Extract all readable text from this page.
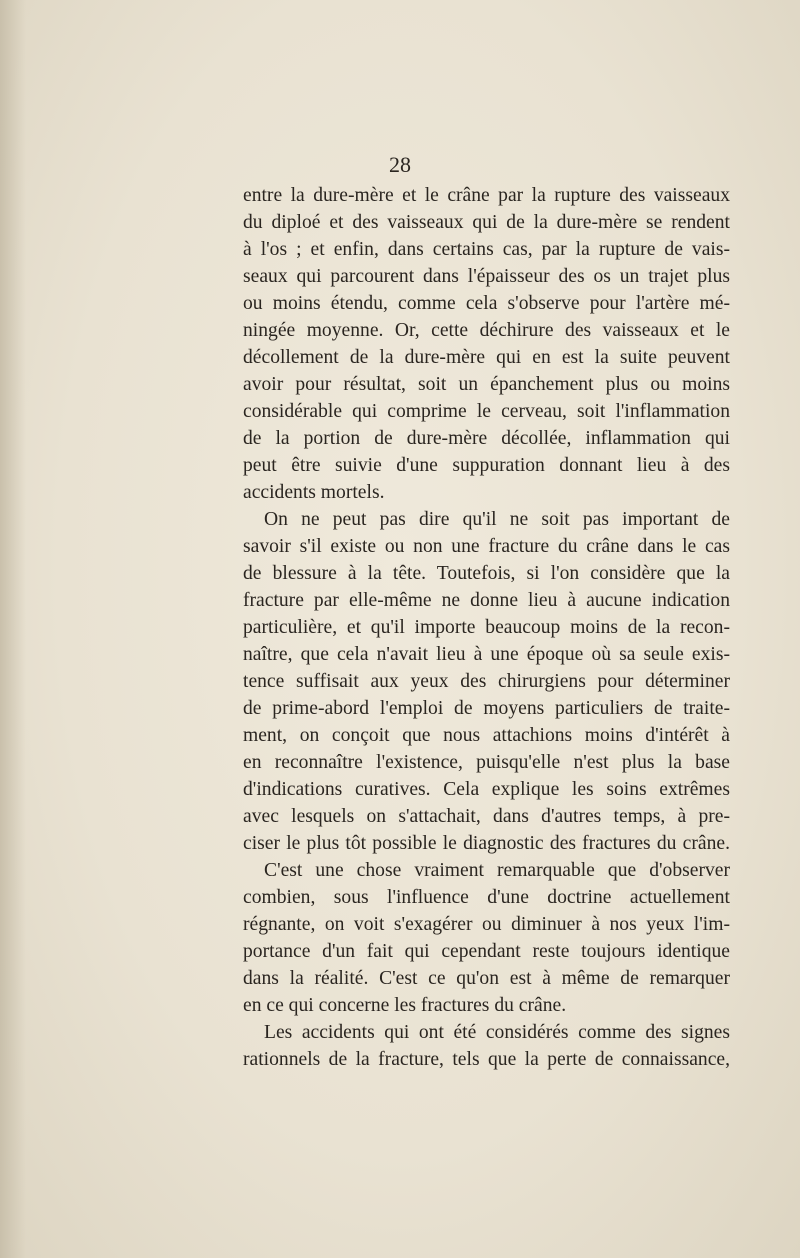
28
entre la dure-mère et le crâne par la rupture des vaisseaux
du diploé et des vaisseaux qui de la dure-mère se rendent
à l'os ; et enfin, dans certains cas, par la rupture de vais-
seaux qui parcourent dans l'épaisseur des os un trajet plus
ou moins étendu, comme cela s'observe pour l'artère mé-
ningée moyenne. Or, cette déchirure des vaisseaux et le
décollement de la dure-mère qui en est la suite peuvent
avoir pour résultat, soit un épanchement plus ou moins
considérable qui comprime le cerveau, soit l'inflammation
de la portion de dure-mère décollée, inflammation qui
peut être suivie d'une suppuration donnant lieu à des
accidents mortels.
On ne peut pas dire qu'il ne soit pas important de
savoir s'il existe ou non une fracture du crâne dans le cas
de blessure à la tête. Toutefois, si l'on considère que la
fracture par elle-même ne donne lieu à aucune indication
particulière, et qu'il importe beaucoup moins de la recon-
naître, que cela n'avait lieu à une époque où sa seule exis-
tence suffisait aux yeux des chirurgiens pour déterminer
de prime-abord l'emploi de moyens particuliers de traite-
ment, on conçoit que nous attachions moins d'intérêt à
en reconnaître l'existence, puisqu'elle n'est plus la base
d'indications curatives. Cela explique les soins extrêmes
avec lesquels on s'attachait, dans d'autres temps, à pre-
ciser le plus tôt possible le diagnostic des fractures du crâne.
C'est une chose vraiment remarquable que d'observer
combien, sous l'influence d'une doctrine actuellement
régnante, on voit s'exagérer ou diminuer à nos yeux l'im-
portance d'un fait qui cependant reste toujours identique
dans la réalité. C'est ce qu'on est à même de remarquer
en ce qui concerne les fractures du crâne.
Les accidents qui ont été considérés comme des signes
rationnels de la fracture, tels que la perte de connaissance,
